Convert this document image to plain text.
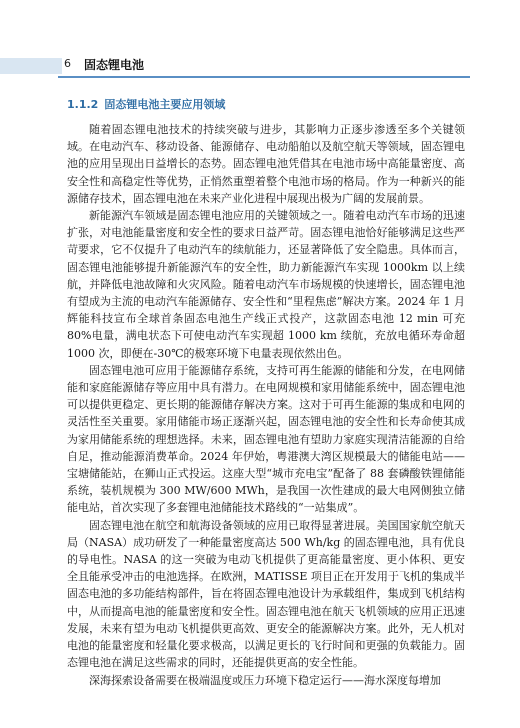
6 固态锂电池
1.1.2 固态锂电池主要应用领域

随着固态锂电池技术的持续突破与进步，其影响力正逐步渗透至多个关键领域。在电动汽车、移动设备、能源储存、电动船舶以及航空航天等领域，固态锂电池的应用呈现出日益增长的态势。固态锂电池凭借其在电池市场中高能量密度、高安全性和高稳定性等优势，正悄然重塑着整个电池市场的格局。作为一种新兴的能源储存技术，固态锂电池在未来产业化进程中展现出极为广阔的发展前景。

新能源汽车领域是固态锂电池应用的关键领域之一。随着电动汽车市场的迅速扩张，对电池能量密度和安全性的要求日益严苛。固态锂电池恰好能够满足这些严苛要求，它不仅提升了电动汽车的续航能力，还显著降低了安全隐患。具体而言，固态锂电池能够提升新能源汽车的安全性，助力新能源汽车实现 1000km 以上续航，并降低电池故障和火灾风险。随着电动汽车市场规模的快速增长，固态锂电池有望成为主流的电动汽车能源储存、安全性和“里程焦虑”解决方案。2024 年 1 月辉能科技宣布全球首条固态电池生产线正式投产，这款固态电池 12 min 可充 80%电量，满电状态下可使电动汽车实现超 1000 km 续航，充放电循环寿命超 1000 次，即便在-30℃的极寒环境下电量表现依然出色。

固态锂电池可应用于能源储存系统，支持可再生能源的储能和分发，在电网储能和家庭能源储存等应用中具有潜力。在电网规模和家用储能系统中，固态锂电池可以提供更稳定、更长期的能源储存解决方案。这对于可再生能源的集成和电网的灵活性至关重要。家用储能市场正逐渐兴起，固态锂电池的安全性和长寿命使其成为家用储能系统的理想选择。未来，固态锂电池有望助力家庭实现清洁能源的自给自足，推动能源消费革命。2024 年伊始，粤港澳大湾区规模最大的储能电站——宝塘储能站，在狮山正式投运。这座大型“城市充电宝”配备了 88 套磷酸铁锂储能系统，装机规模为 300 MW/600 MWh，是我国一次性建成的最大电网侧独立储能电站，首次实现了多套锂电池储能技术路线的“一站集成”。

固态锂电池在航空和航海设备领域的应用已取得显著进展。美国国家航空航天局（NASA）成功研发了一种能量密度高达 500 Wh/kg 的固态锂电池，具有优良的导电性。NASA 的这一突破为电动飞机提供了更高能量密度、更小体积、更安全且能承受冲击的电池选择。在欧洲，MATISSE 项目正在开发用于飞机的集成半固态电池的多功能结构部件，旨在将固态锂电池设计为承载组件，集成到飞机结构中，从而提高电池的能量密度和安全性。固态锂电池在航天飞机领域的应用正迅速发展，未来有望为电动飞机提供更高效、更安全的能源解决方案。此外，无人机对电池的能量密度和轻量化要求极高，以满足更长的飞行时间和更强的负载能力。固态锂电池在满足这些需求的同时，还能提供更高的安全性能。

深海探索设备需要在极端温度或压力环境下稳定运行——海水深度每增加
